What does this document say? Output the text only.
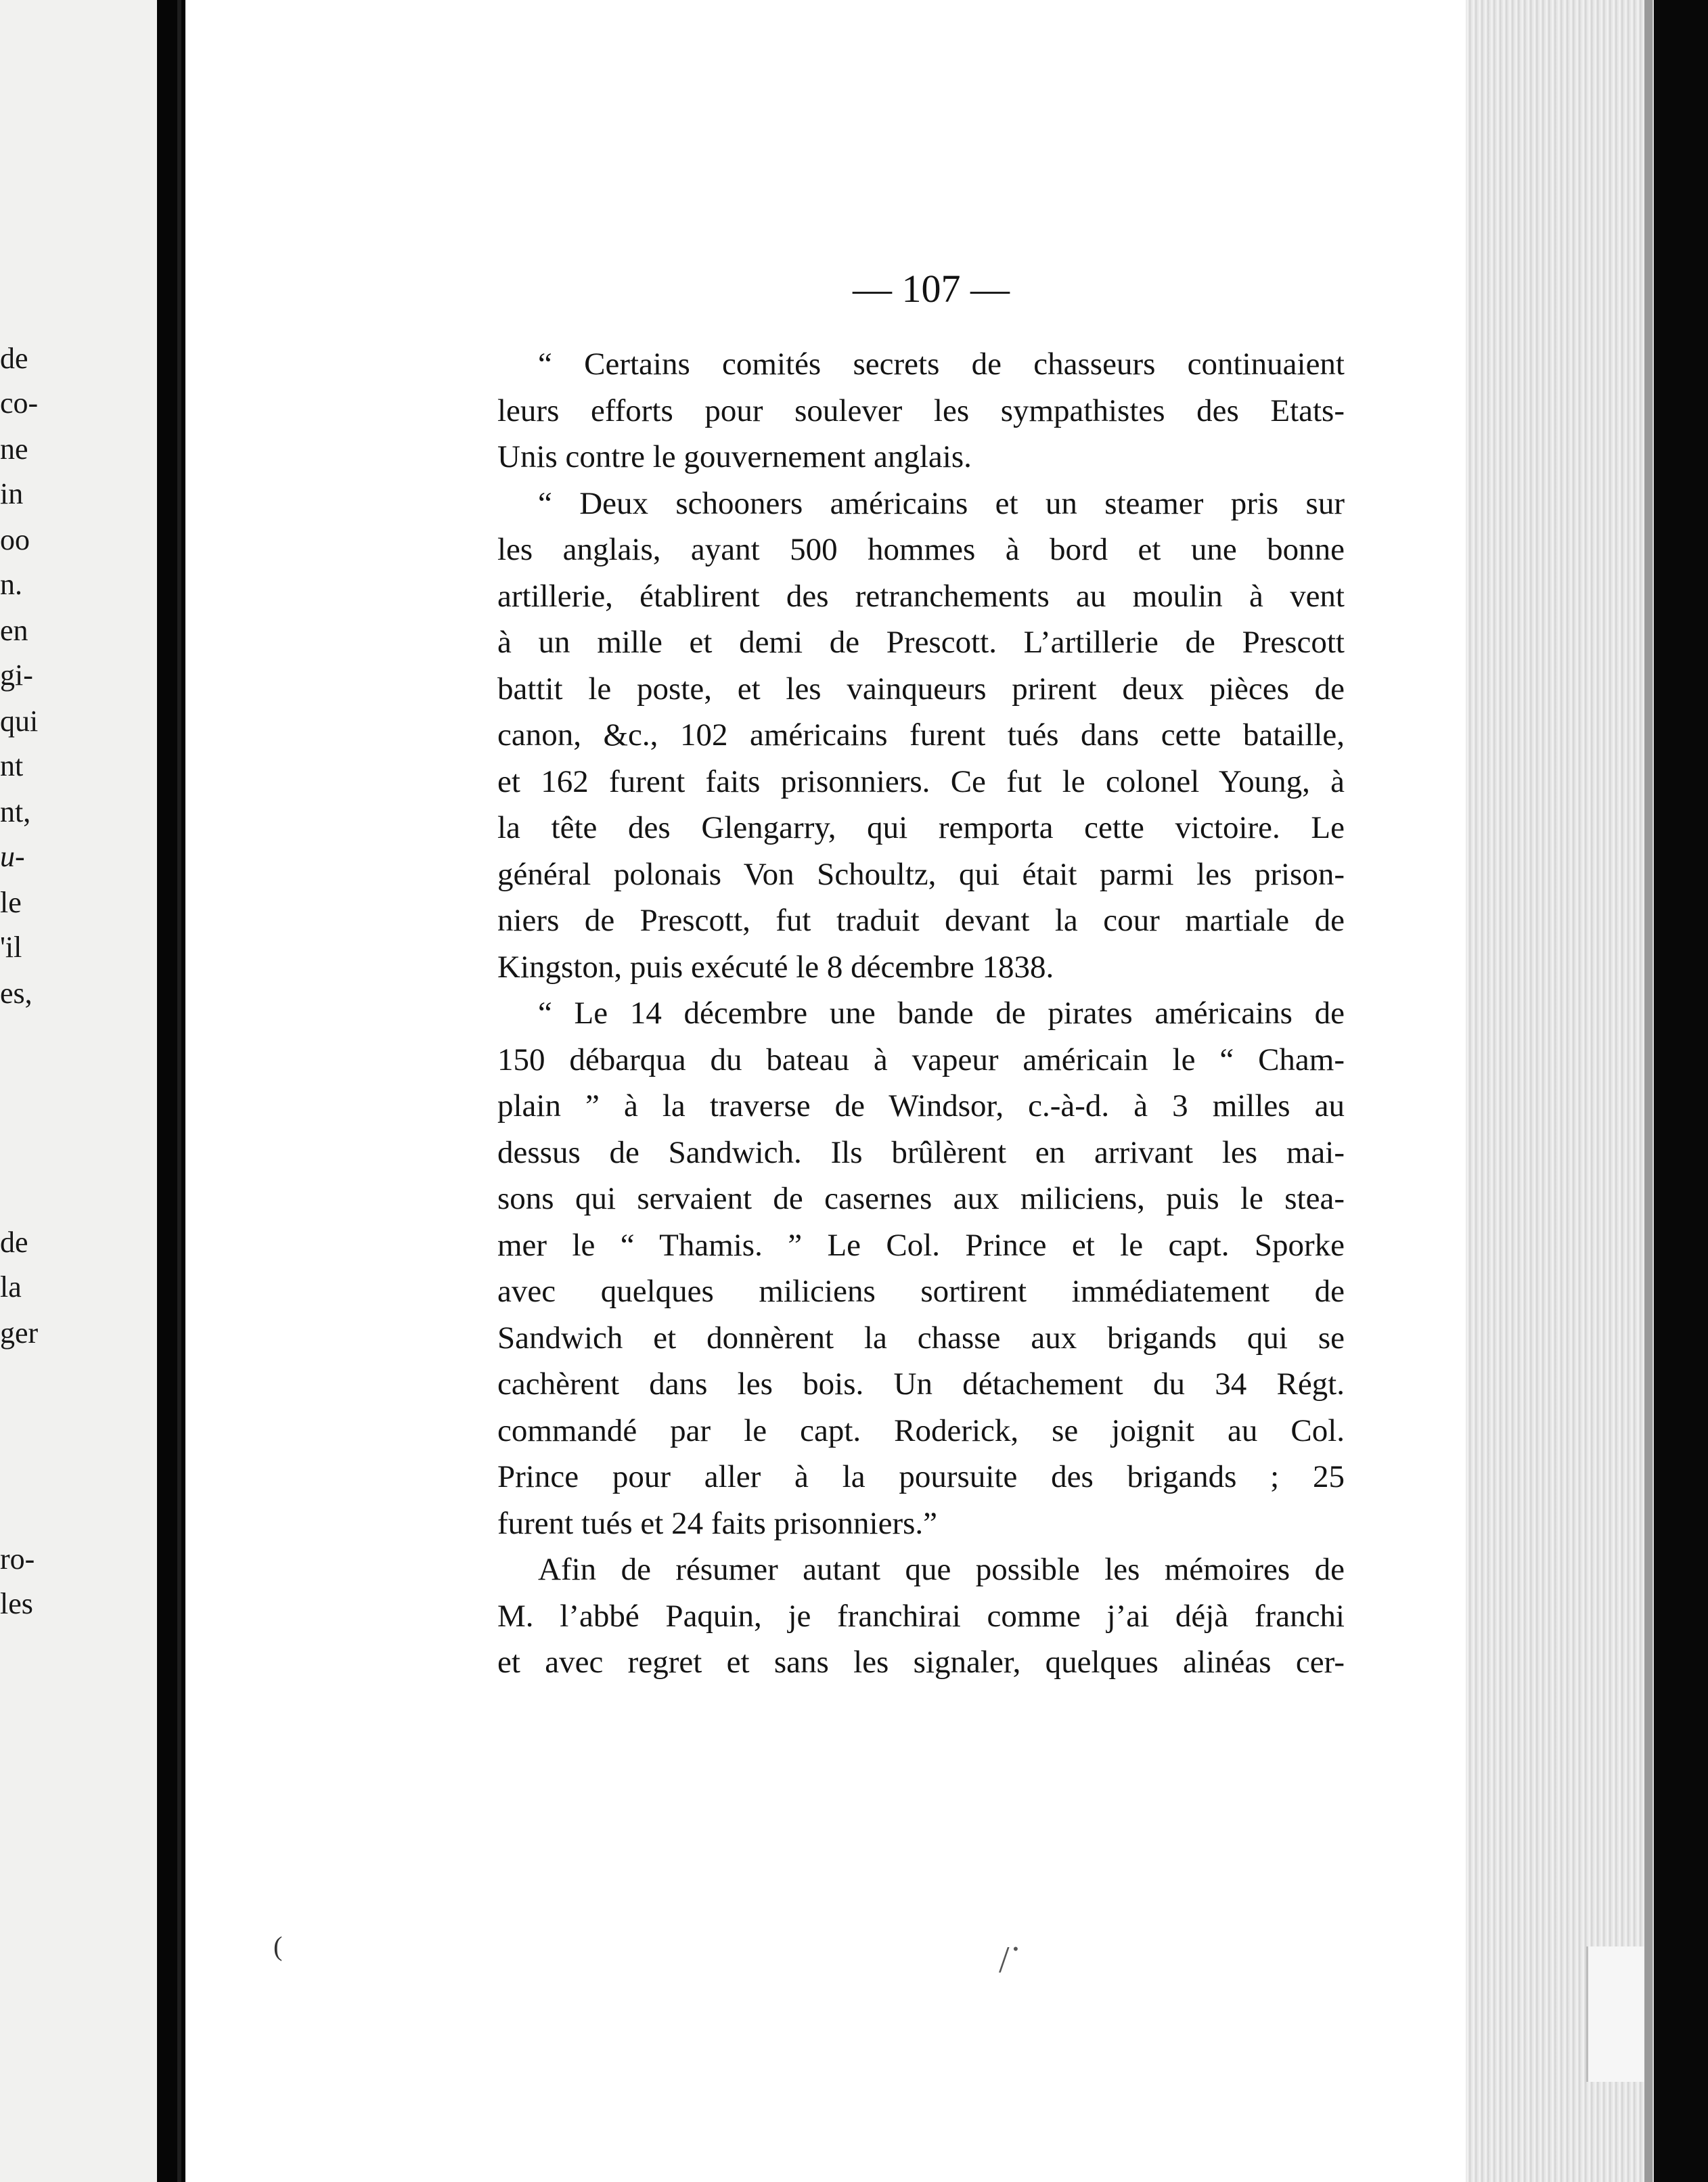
de
co-
ne
in
oo
n.
en
gi-
qui
nt
nt,
u-
le
'il
es,
de
la
ger
ro-
les
— 107 —
“ Certains comités secrets de chasseurs continuaient
leurs efforts pour soulever les sympathistes des Etats-
Unis contre le gouvernement anglais.
“ Deux schooners américains et un steamer pris sur
les anglais, ayant 500 hommes à bord et une bonne
artillerie, établirent des retranchements au moulin à vent
à un mille et demi de Prescott. L’artillerie de Prescott
battit le poste, et les vainqueurs prirent deux pièces de
canon, &c., 102 américains furent tués dans cette bataille,
et 162 furent faits prisonniers. Ce fut le colonel Young, à
la tête des Glengarry, qui remporta cette victoire. Le
général polonais Von Schoultz, qui était parmi les prison-
niers de Prescott, fut traduit devant la cour martiale de
Kingston, puis exécuté le 8 décembre 1838.
“ Le 14 décembre une bande de pirates américains de
150 débarqua du bateau à vapeur américain le “ Cham-
plain ” à la traverse de Windsor, c.-à-d. à 3 milles au
dessus de Sandwich. Ils brûlèrent en arrivant les mai-
sons qui servaient de casernes aux miliciens, puis le stea-
mer le “ Thamis. ” Le Col. Prince et le capt. Sporke
avec quelques miliciens sortirent immédiatement de
Sandwich et donnèrent la chasse aux brigands qui se
cachèrent dans les bois. Un détachement du 34 Régt.
commandé par le capt. Roderick, se joignit au Col.
Prince pour aller à la poursuite des brigands ; 25
furent tués et 24 faits prisonniers.”
Afin de résumer autant que possible les mémoires de
M. l’abbé Paquin, je franchirai comme j’ai déjà franchi
et avec regret et sans les signaler, quelques alinéas cer-
(	/˙
